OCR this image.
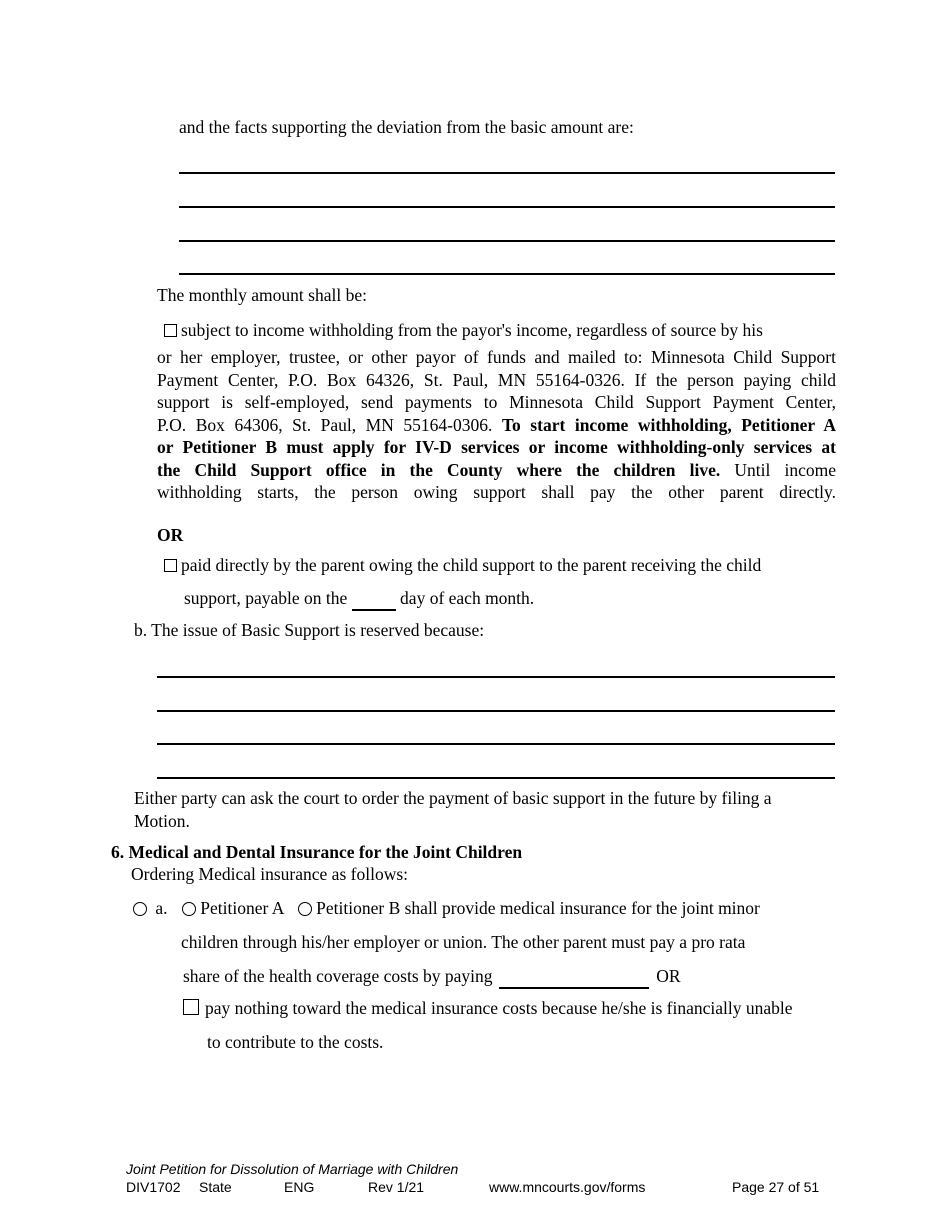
and the facts supporting the deviation from the basic amount are:
The monthly amount shall be:
subject to income withholding from the payor's income, regardless of source by his
or her employer, trustee, or other payor of funds and mailed to: Minnesota Child Support
Payment Center, P.O. Box 64326, St. Paul, MN 55164-0326. If the person paying child
support is self-employed, send payments to Minnesota Child Support Payment Center,
P.O. Box 64306, St. Paul, MN 55164-0306. To start income withholding, Petitioner A
or Petitioner B must apply for IV-D services or income withholding-only services at
the Child Support office in the County where the children live. Until income
withholding starts, the person owing support shall pay the other parent directly.
OR
paid directly by the parent owing the child support to the parent receiving the child
support, payable on the	day of each month.
b. The issue of Basic Support is reserved because:
Either party can ask the court to order the payment of basic support in the future by filing a Motion.
6. Medical and Dental Insurance for the Joint Children
Ordering Medical insurance as follows:
a. Petitioner A Petitioner B shall provide medical insurance for the joint minor
children through his/her employer or union. The other parent must pay a pro rata
share of the health coverage costs by paying	OR
pay nothing toward the medical insurance costs because he/she is financially unable
to contribute to the costs.
Joint Petition for Dissolution of Marriage with Children
DIV1702 State	ENG	Rev 1/21	www.mncourts.gov/forms	Page 27 of 51
